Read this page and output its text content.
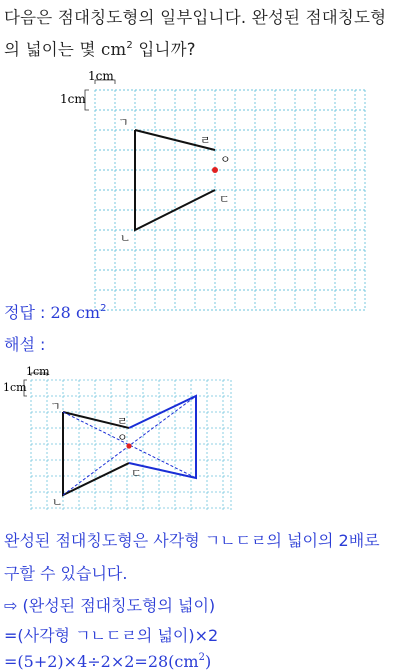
다음은 점대칭도형의 일부입니다. 완성된 점대칭도형
의 넓이는 몇 $cm^2$ 입니까?
1cm
1cm
ㄱ
ㄴ
ㄷ
ㄹ
ㅇ
정답 : 28 $cm^2$
해설 :
1cm
1cm
ㄱ
ㄴ
ㄷ
ㄹ
ㅇ
완성된 점대칭도형은 사각형 ㄱㄴㄷㄹ의 넓이의 2배로
구할 수 있습니다.
⇨ (완성된 점대칭도형의 넓이)
=(사각형 ㄱㄴㄷㄹ의 넓이)×2
$=(5+2)\times 4\div 2\times 2=28(cm^2)$
